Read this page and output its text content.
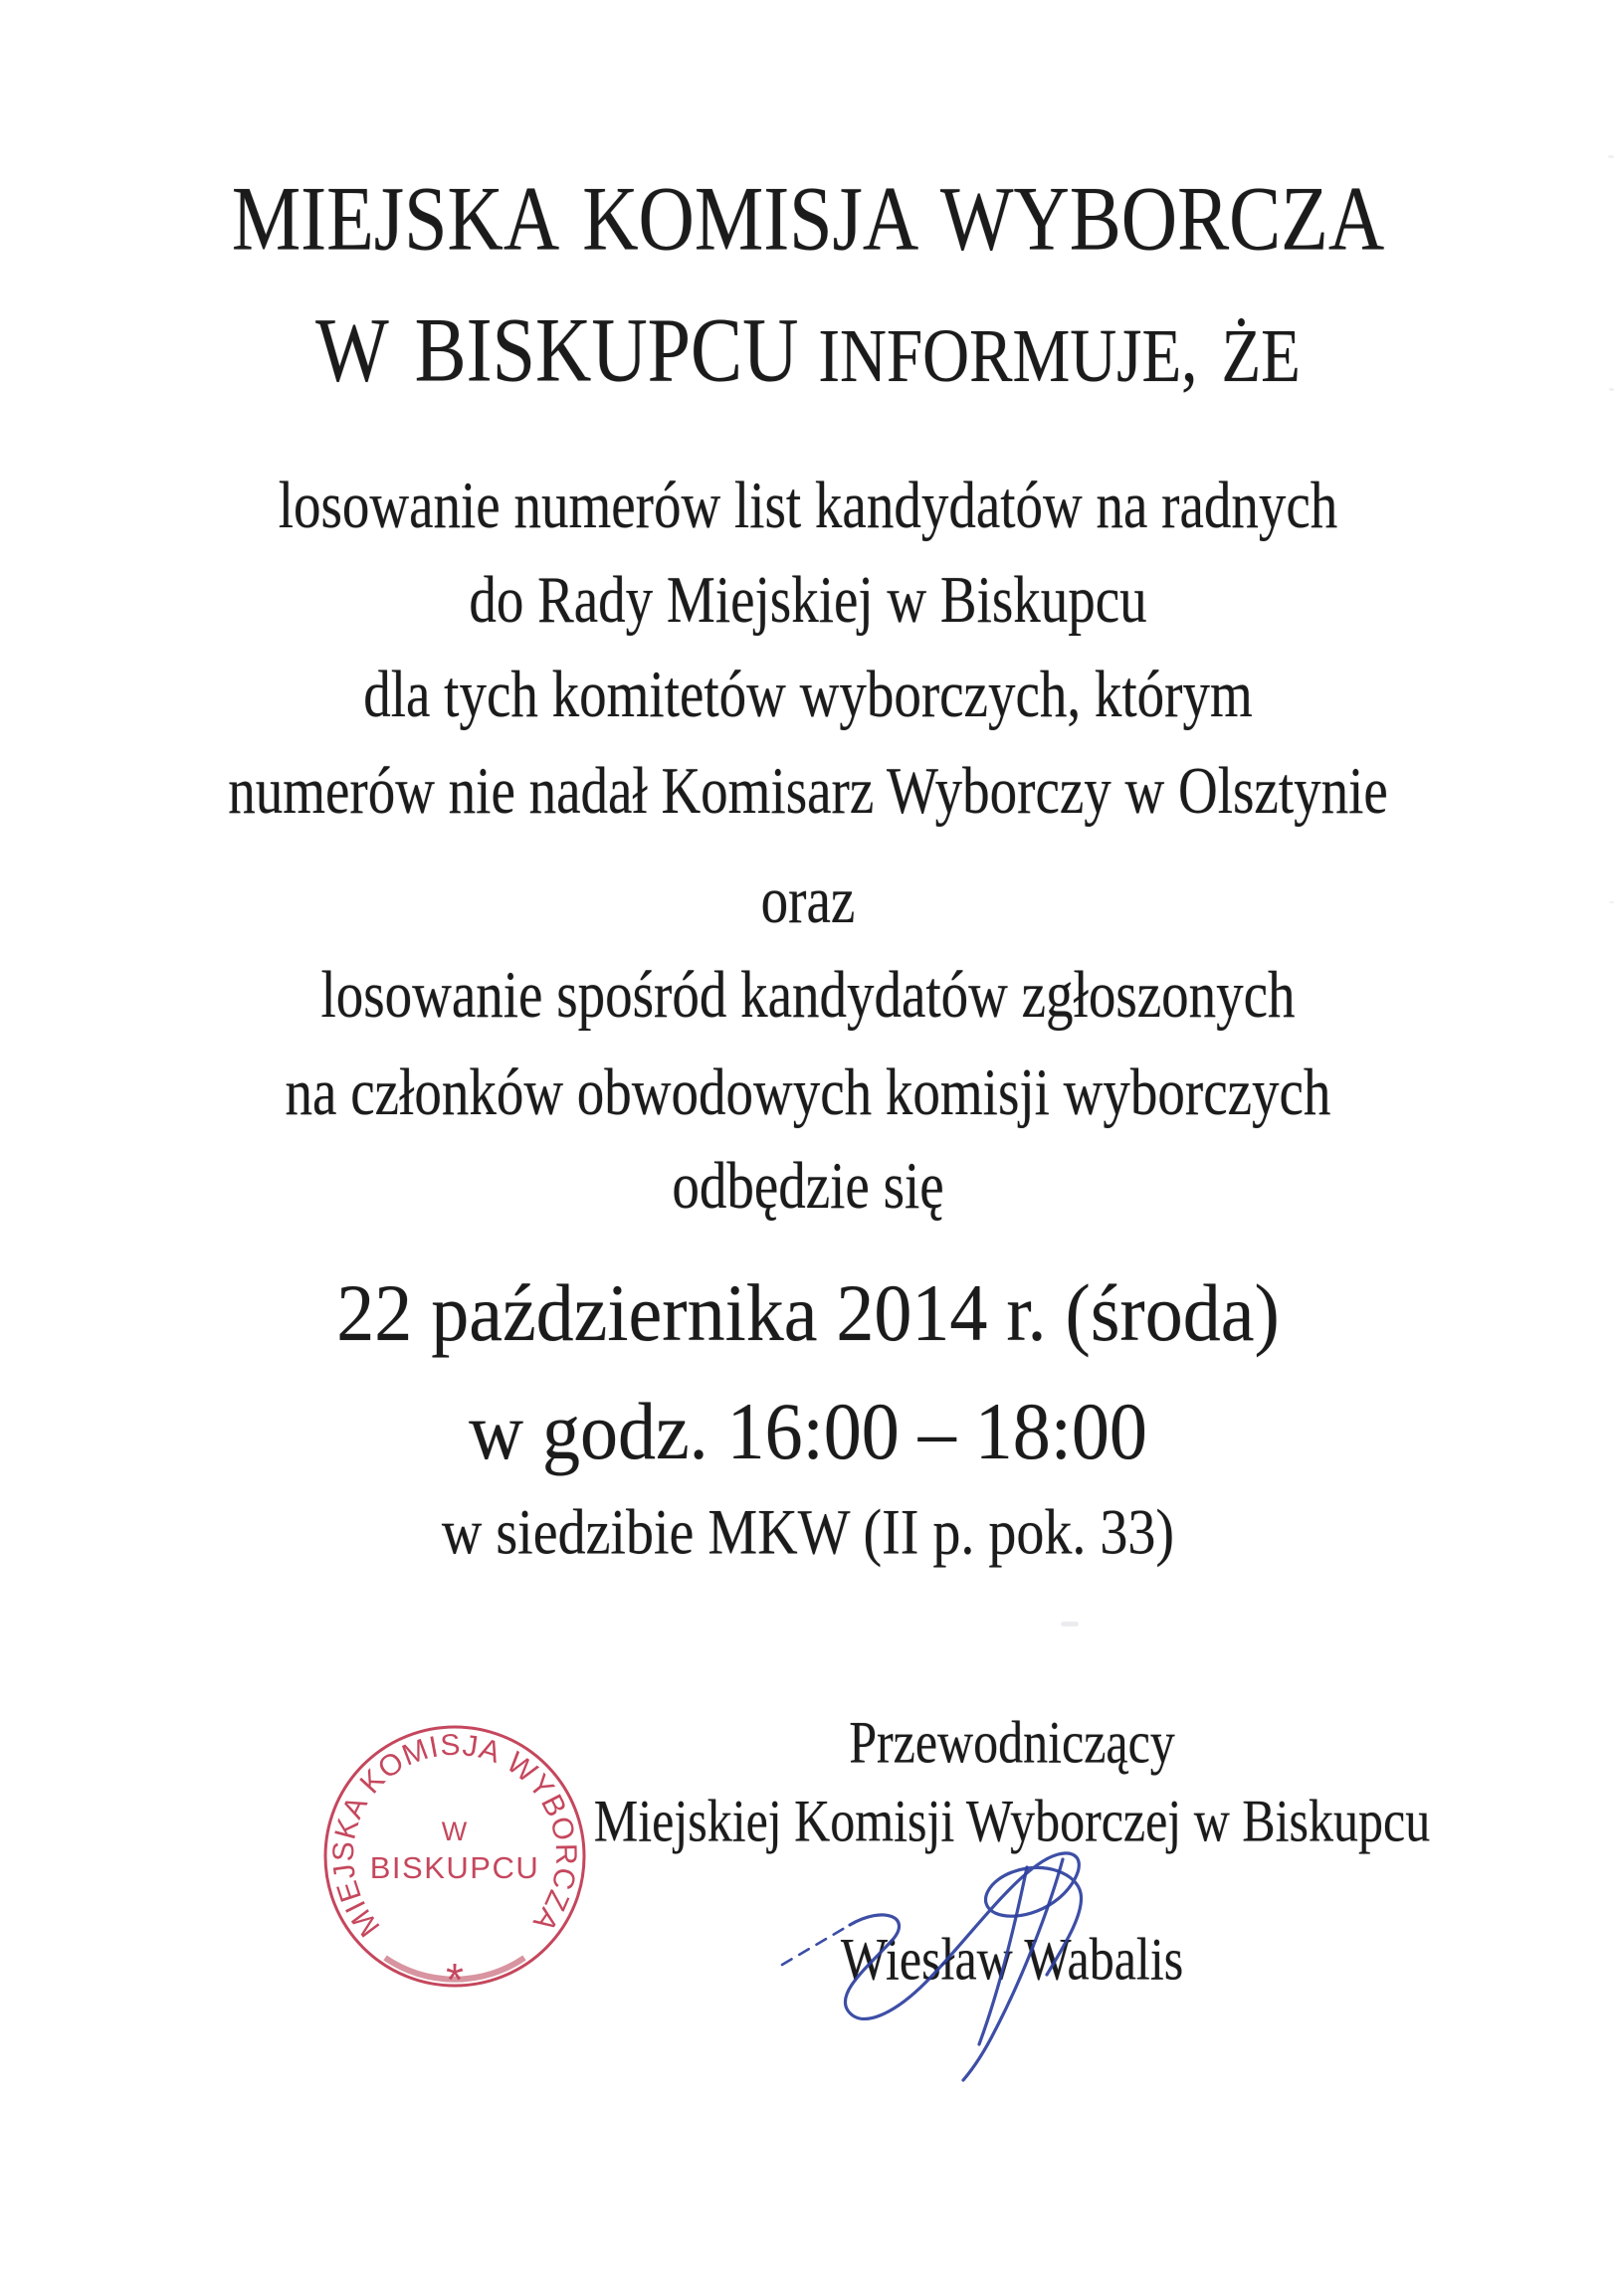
MIEJSKA KOMISJA WYBORCZA
W BISKUPCU INFORMUJE, ŻE
losowanie numerów list kandydatów na radnych
do Rady Miejskiej w Biskupcu
dla tych komitetów wyborczych, którym
numerów nie nadał Komisarz Wyborczy w Olsztynie
oraz
losowanie spośród kandydatów zgłoszonych
na członków obwodowych komisji wyborczych
odbędzie się
22 października 2014 r. (środa)
w godz. 16:00 – 18:00
w siedzibie MKW (II p. pok. 33)
Przewodniczący
Miejskiej Komisji Wyborczej w Biskupcu
Wiesław Wabalis
MIEJSKA KOMISJA WYBORCZA
W
BISKUPCU
*
